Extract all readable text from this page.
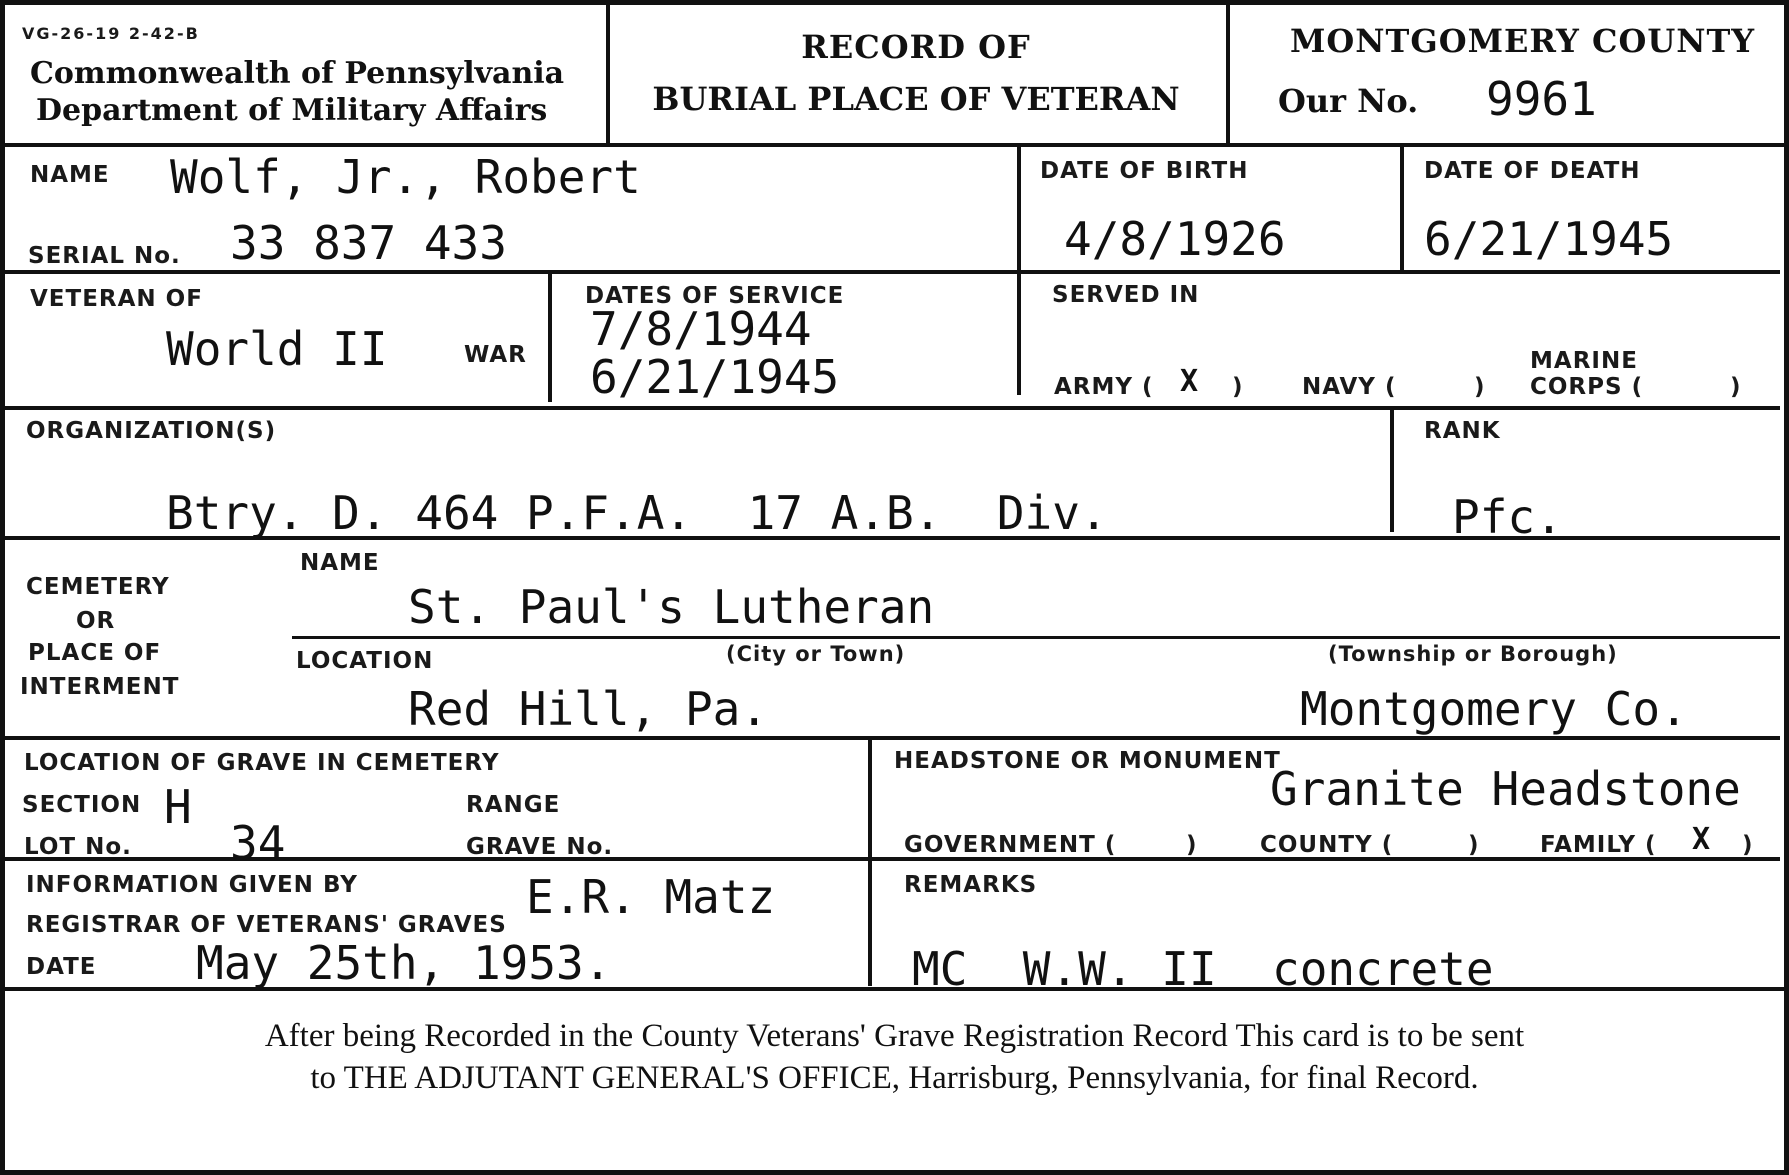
VG-26-19 2-42-B
Commonwealth of Pennsylvania
Department of Military Affairs
RECORD OF
BURIAL PLACE OF VETERAN
MONTGOMERY COUNTY
Our No. 9961
NAME Wolf, Jr., Robert
SERIAL No. 33 837 433
DATE OF BIRTH
4/8/1926
DATE OF DEATH
6/21/1945
VETERAN OF
World II	WAR
DATES OF SERVICE
7/8/1944
6/21/1945
SERVED IN
ARMY ( X )	NAVY (	)
MARINE
CORPS (	)
ORGANIZATION(S)
Btry. D. 464 P.F.A.  17 A.B.  Div.
RANK
Pfc.
CEMETERY
OR
PLACE OF
INTERMENT
NAME
St. Paul's Lutheran
LOCATION	(City or Town)
Red Hill, Pa.
(Township or Borough)
Montgomery Co.
LOCATION OF GRAVE IN CEMETERY
SECTION H	RANGE
LOT No. 34	GRAVE No.
HEADSTONE OR MONUMENT
Granite Headstone
GOVERNMENT (	)	COUNTY (	)	FAMILY ( X )
INFORMATION GIVEN BY	E.R. Matz
REGISTRAR OF VETERANS' GRAVES
DATE May 25th, 1953.
REMARKS
MC  W.W. II  concrete
After being Recorded in the County Veterans' Grave Registration Record This card is to be sent
to THE ADJUTANT GENERAL'S OFFICE, Harrisburg, Pennsylvania, for final Record.
